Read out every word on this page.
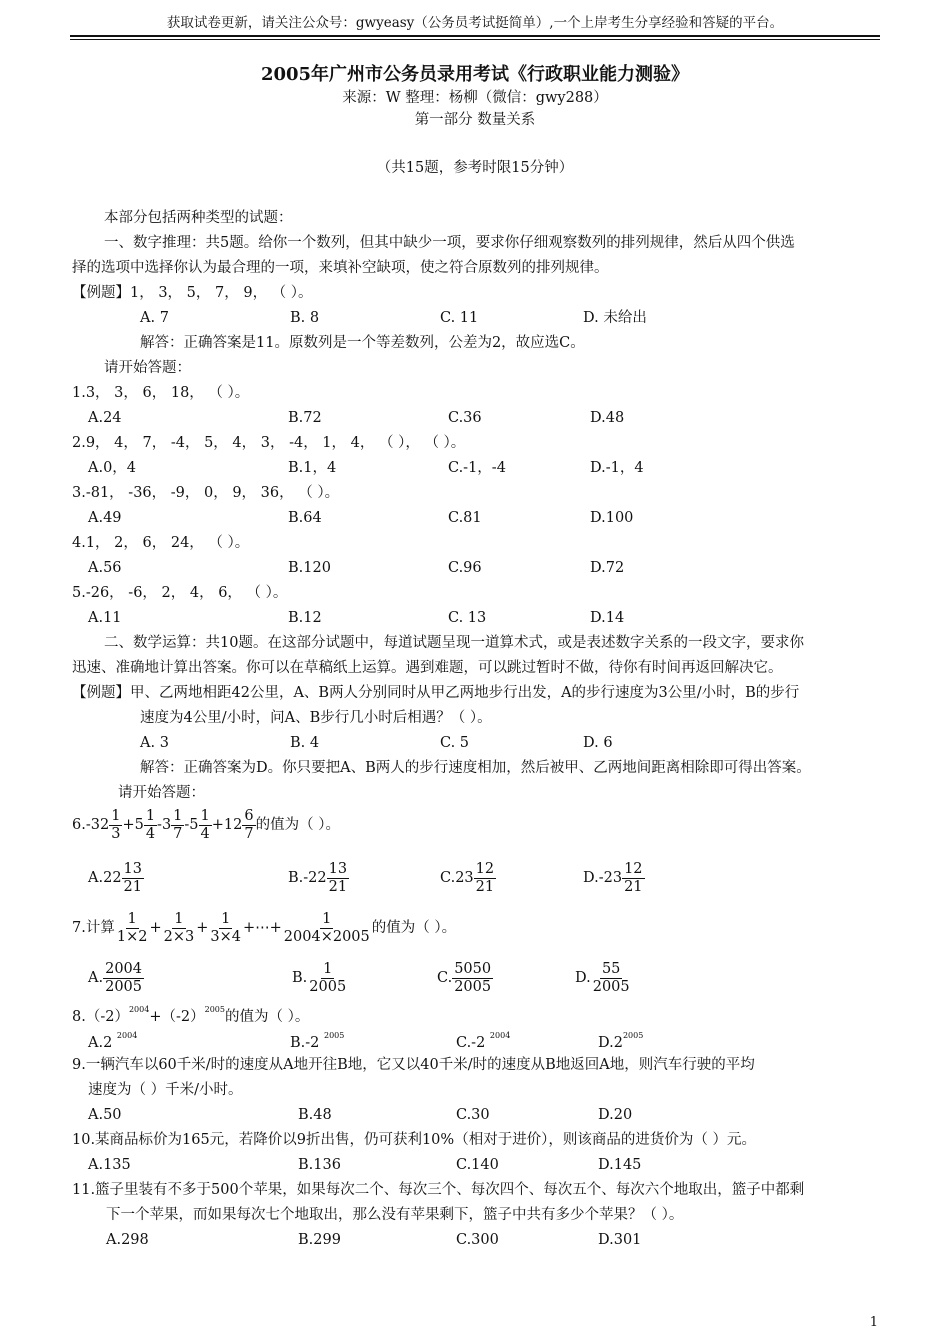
获取试卷更新，请关注公众号：gwyeasy（公务员考试挺简单）,一个上岸考生分享经验和答疑的平台。
2005年广州市公务员录用考试《行政职业能力测验》
来源：W 整理：杨柳（微信：gwy288）
第一部分 数量关系
（共15题，参考时限15分钟）
本部分包括两种类型的试题：
一、数字推理：共5题。给你一个数列，但其中缺少一项，要求你仔细观察数列的排列规律，然后从四个供选
择的选项中选择你认为最合理的一项，来填补空缺项，使之符合原数列的排列规律。
【例题】1， 3， 5， 7， 9， （ ）。
A. 7	B. 8	C. 11	D. 未给出
解答：正确答案是11。原数列是一个等差数列，公差为2，故应选C。
请开始答题：
1.3， 3， 6， 18， （ ）。
A.24	B.72	C.36	D.48
2.9， 4， 7， -4， 5， 4， 3， -4， 1， 4， （ ）， （ ）。
A.0，4	B.1，4	C.-1，-4	D.-1，4
3.-81， -36， -9， 0， 9， 36， （ ）。
A.49	B.64	C.81	D.100
4.1， 2， 6， 24， （ ）。
A.56	B.120	C.96	D.72
5.-26， -6， 2， 4， 6， （ ）。
A.11	B.12	C. 13	D.14
二、数学运算：共10题。在这部分试题中，每道试题呈现一道算术式，或是表述数字关系的一段文字，要求你
迅速、准确地计算出答案。你可以在草稿纸上运算。遇到难题，可以跳过暂时不做，待你有时间再返回解决它。
【例题】甲、乙两地相距42公里，A、B两人分别同时从甲乙两地步行出发，A的步行速度为3公里/小时，B的步行
速度为4公里/小时，问A、B步行几小时后相遇？（ ）。
A. 3	B. 4	C. 5	D. 6
解答：正确答案为D。你只要把A、B两人的步行速度相加，然后被甲、乙两地间距离相除即可得出答案。
请开始答题：
6. $-32 \frac{1}{3} +5 \frac{1}{4} -3 \frac{1}{7} -5 \frac{1}{4} +12 \frac{6}{7}$ 的值为（ ）。
A. $22 \frac{13}{21}$	B. $-22 \frac{13}{21}$	C. $23 \frac{12}{21}$	D. $-23 \frac{12}{21}$
7.计算 $\frac{1}{1\times 2} + \frac{1}{2\times 3} + \frac{1}{3\times 4}$ +⋯+ $\frac{1}{2004\times 2005}$ 的值为（ ）。
A. $\frac{2004}{2005}$	B. $\frac{1}{2005}$	C. $\frac{5050}{2005}$	D. $\frac{55}{2005}$
$8.(-2)^{2004}+(-2)^{2005}$的值为（ ）。
A.2 $^{2004}$	B.-2 $^{2005}$	C.-2 $^{2004}$	$D.2^{2005}$
9.一辆汽车以60千米/时的速度从A地开往B地，它又以40千米/时的速度从B地返回A地，则汽车行驶的平均
速度为（ ）千米/小时。
A.50	B.48	C.30	D.20
10.某商品标价为165元，若降价以9折出售，仍可获利10%（相对于进价），则该商品的进货价为（ ）元。
A.135	B.136	C.140	D.145
11.篮子里装有不多于500个苹果，如果每次二个、每次三个、每次四个、每次五个、每次六个地取出，篮子中都剩
下一个苹果，而如果每次七个地取出，那么没有苹果剩下，篮子中共有多少个苹果？（ ）。
A.298	B.299	C.300	D.301
1
